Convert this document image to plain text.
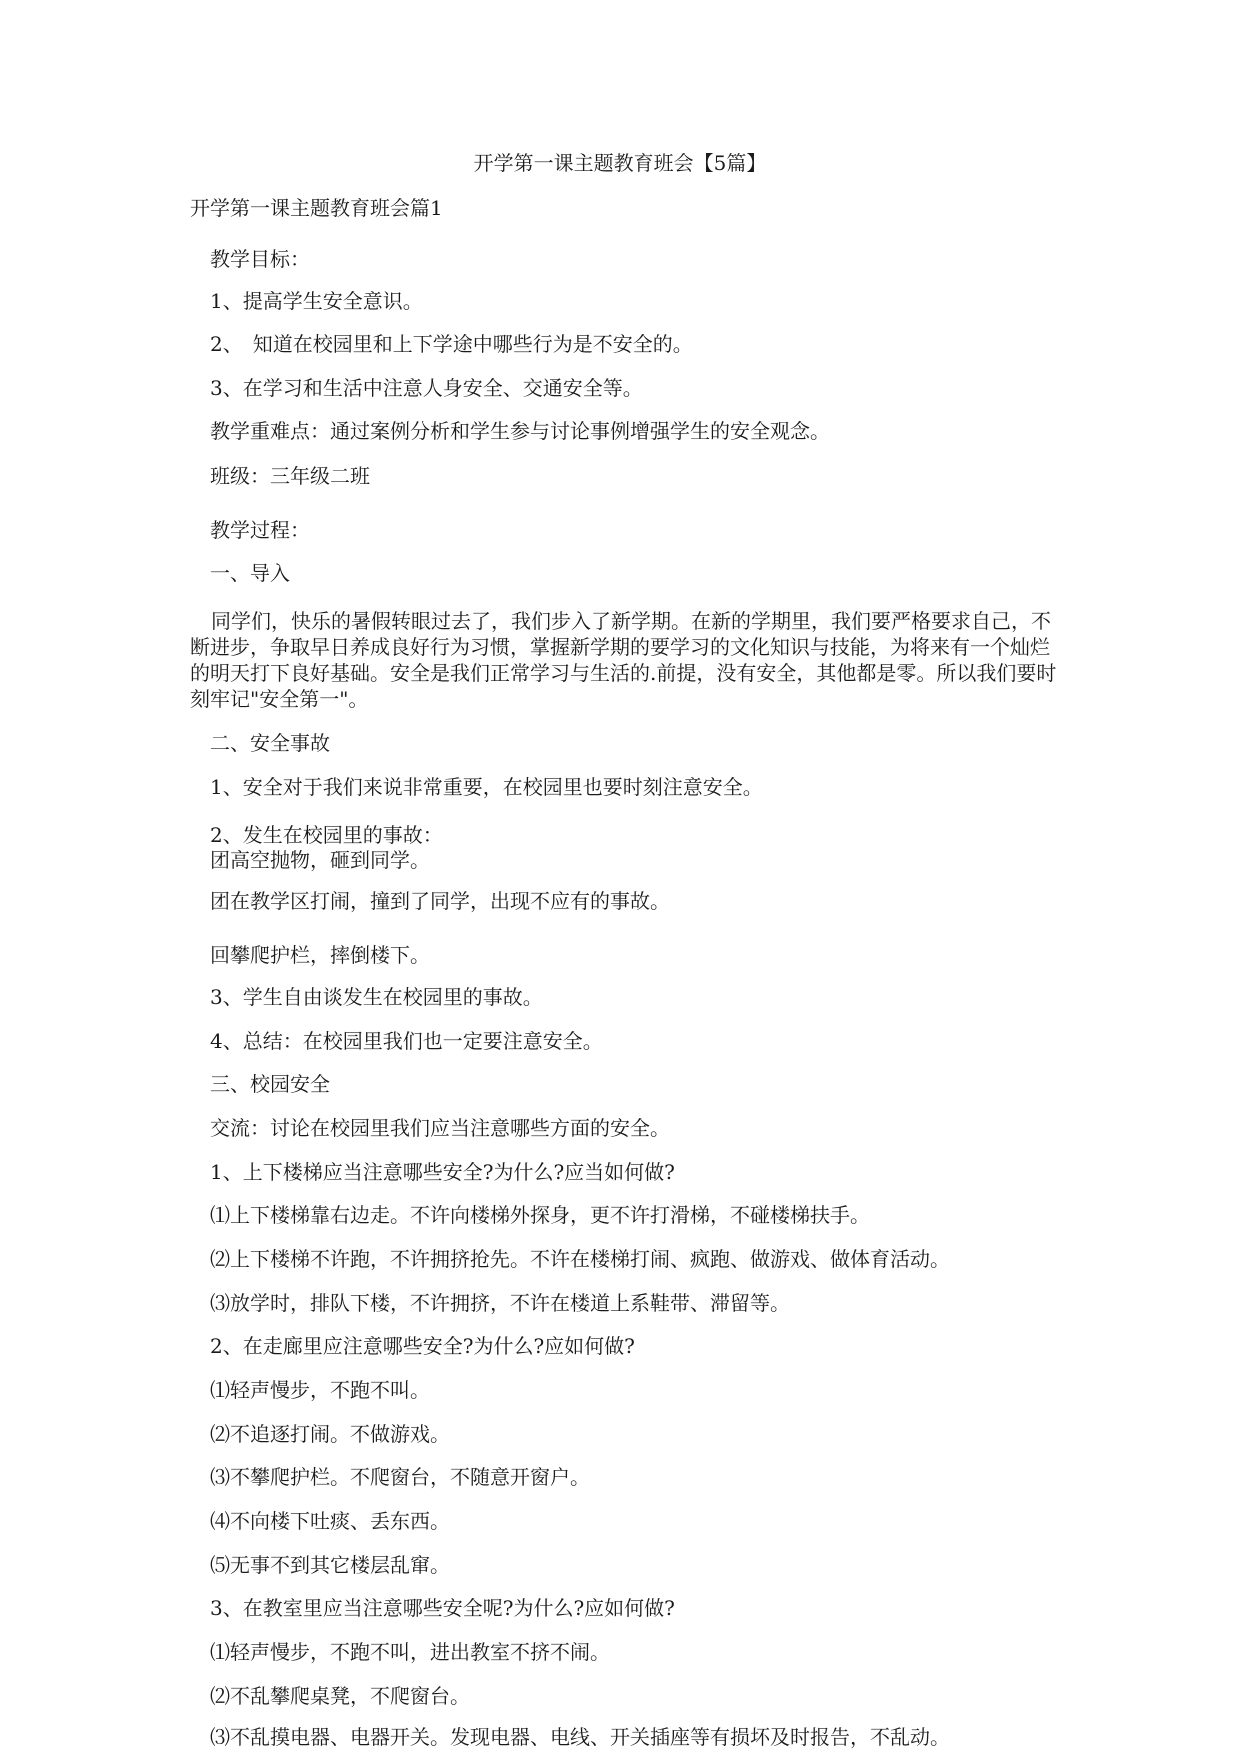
开学第一课主题教育班会【5篇】
开学第一课主题教育班会篇1
教学目标：
1、提高学生安全意识。
2、　知道在校园里和上下学途中哪些行为是不安全的。
3、在学习和生活中注意人身安全、交通安全等。
教学重难点：通过案例分析和学生参与讨论事例增强学生的安全观念。
班级：三年级二班
教学过程：
一、导入
同学们，快乐的暑假转眼过去了，我们步入了新学期。在新的学期里，我们要严格要求自己，不断进步，争取早日养成良好行为习惯，掌握新学期的要学习的文化知识与技能，为将来有一个灿烂的明天打下良好基础。安全是我们正常学习与生活的.前提，没有安全，其他都是零。所以我们要时刻牢记"安全第一"。
二、安全事故
1、安全对于我们来说非常重要，在校园里也要时刻注意安全。
2、发生在校园里的事故：
团高空抛物，砸到同学。
团在教学区打闹，撞到了同学，出现不应有的事故。
回攀爬护栏，摔倒楼下。
3、学生自由谈发生在校园里的事故。
4、总结：在校园里我们也一定要注意安全。
三、校园安全
交流：讨论在校园里我们应当注意哪些方面的安全。
1、上下楼梯应当注意哪些安全?为什么?应当如何做?
⑴上下楼梯靠右边走。不许向楼梯外探身，更不许打滑梯，不碰楼梯扶手。
⑵上下楼梯不许跑，不许拥挤抢先。不许在楼梯打闹、疯跑、做游戏、做体育活动。
⑶放学时，排队下楼，不许拥挤，不许在楼道上系鞋带、滞留等。
2、在走廊里应注意哪些安全?为什么?应如何做?
⑴轻声慢步，不跑不叫。
⑵不追逐打闹。不做游戏。
⑶不攀爬护栏。不爬窗台，不随意开窗户。
⑷不向楼下吐痰、丢东西。
⑸无事不到其它楼层乱窜。
3、在教室里应当注意哪些安全呢?为什么?应如何做?
⑴轻声慢步，不跑不叫，进出教室不挤不闹。
⑵不乱攀爬桌凳，不爬窗台。
⑶不乱摸电器、电器开关。发现电器、电线、开关插座等有损坏及时报告，不乱动。
